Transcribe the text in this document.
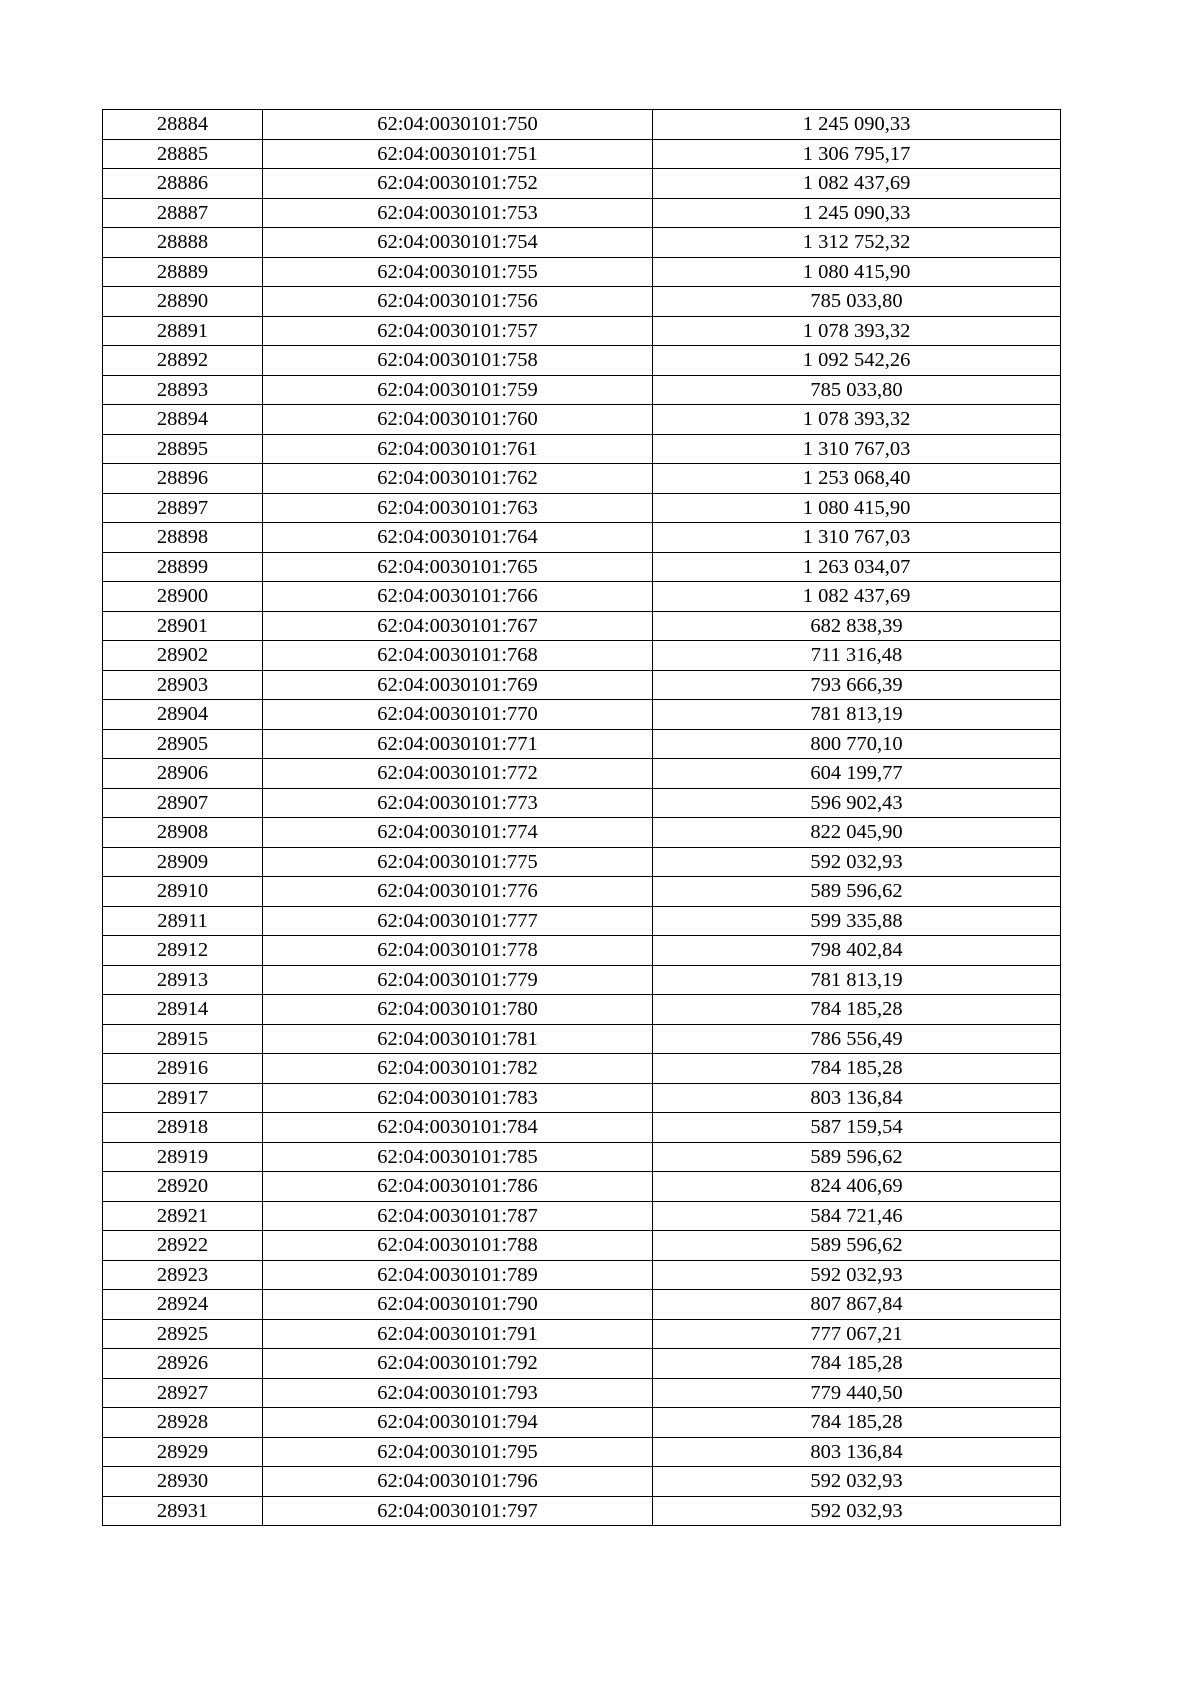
28884	62:04:0030101:750	1 245 090,33
28885	62:04:0030101:751	1 306 795,17
28886	62:04:0030101:752	1 082 437,69
28887	62:04:0030101:753	1 245 090,33
28888	62:04:0030101:754	1 312 752,32
28889	62:04:0030101:755	1 080 415,90
28890	62:04:0030101:756	785 033,80
28891	62:04:0030101:757	1 078 393,32
28892	62:04:0030101:758	1 092 542,26
28893	62:04:0030101:759	785 033,80
28894	62:04:0030101:760	1 078 393,32
28895	62:04:0030101:761	1 310 767,03
28896	62:04:0030101:762	1 253 068,40
28897	62:04:0030101:763	1 080 415,90
28898	62:04:0030101:764	1 310 767,03
28899	62:04:0030101:765	1 263 034,07
28900	62:04:0030101:766	1 082 437,69
28901	62:04:0030101:767	682 838,39
28902	62:04:0030101:768	711 316,48
28903	62:04:0030101:769	793 666,39
28904	62:04:0030101:770	781 813,19
28905	62:04:0030101:771	800 770,10
28906	62:04:0030101:772	604 199,77
28907	62:04:0030101:773	596 902,43
28908	62:04:0030101:774	822 045,90
28909	62:04:0030101:775	592 032,93
28910	62:04:0030101:776	589 596,62
28911	62:04:0030101:777	599 335,88
28912	62:04:0030101:778	798 402,84
28913	62:04:0030101:779	781 813,19
28914	62:04:0030101:780	784 185,28
28915	62:04:0030101:781	786 556,49
28916	62:04:0030101:782	784 185,28
28917	62:04:0030101:783	803 136,84
28918	62:04:0030101:784	587 159,54
28919	62:04:0030101:785	589 596,62
28920	62:04:0030101:786	824 406,69
28921	62:04:0030101:787	584 721,46
28922	62:04:0030101:788	589 596,62
28923	62:04:0030101:789	592 032,93
28924	62:04:0030101:790	807 867,84
28925	62:04:0030101:791	777 067,21
28926	62:04:0030101:792	784 185,28
28927	62:04:0030101:793	779 440,50
28928	62:04:0030101:794	784 185,28
28929	62:04:0030101:795	803 136,84
28930	62:04:0030101:796	592 032,93
28931	62:04:0030101:797	592 032,93
